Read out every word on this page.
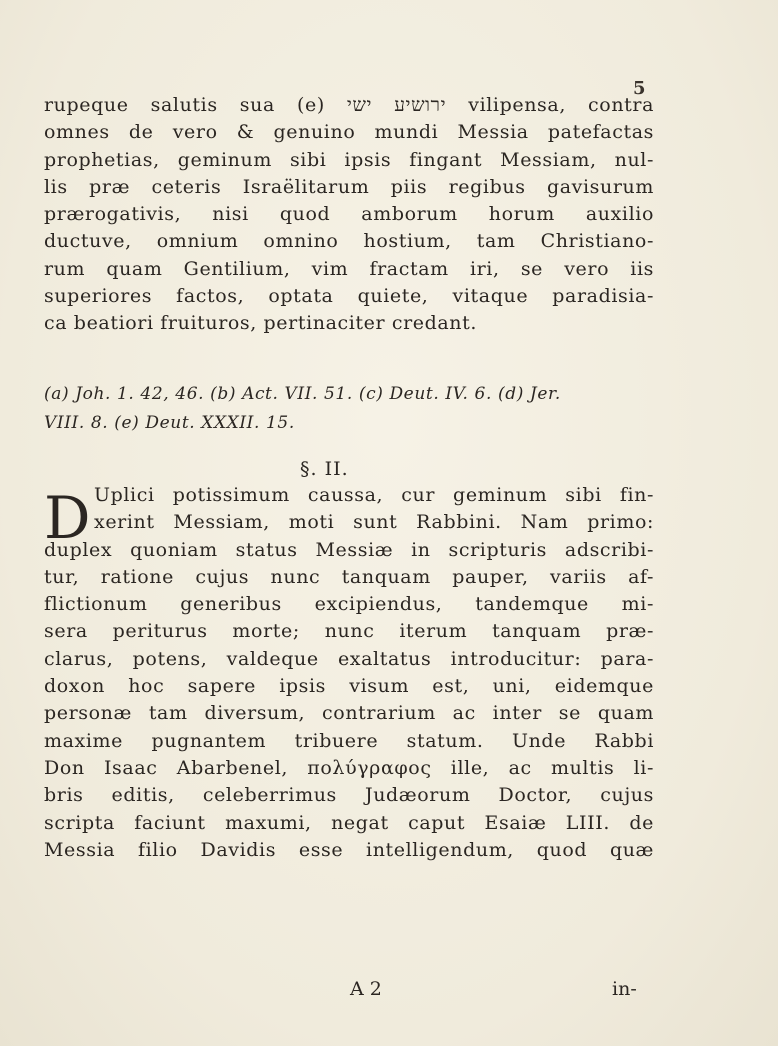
5
rupeque salutis sua (e) ירושיע ישי vilipensa, contra
omnes de vero & genuino mundi Messia patefactas
prophetias, geminum sibi ipsis fingant Messiam, nul-
lis præ ceteris Israëlitarum piis regibus gavisurum
prærogativis, nisi quod amborum horum auxilio
ductuve, omnium omnino hostium, tam Christiano-
rum quam Gentilium, vim fractam iri, se vero iis
superiores factos, optata quiete, vitaque paradisia-
ca beatiori fruituros, pertinaciter credant.
(a) Joh. 1. 42, 46. (b) Act. VII. 51. (c) Deut. IV. 6. (d) Jer.
VIII. 8. (e) Deut. XXXII. 15.
§. II.
D Uplici potissimum caussa, cur geminum sibi fin-
xerint Messiam, moti sunt Rabbini. Nam primo:
duplex quoniam status Messiæ in scripturis adscribi-
tur, ratione cujus nunc tanquam pauper, variis af-
flictionum generibus excipiendus, tandemque mi-
sera periturus morte; nunc iterum tanquam præ-
clarus, potens, valdeque exaltatus introducitur: para-
doxon hoc sapere ipsis visum est, uni, eidemque
personæ tam diversum, contrarium ac inter se quam
maxime pugnantem tribuere statum. Unde Rabbi
Don Isaac Abarbenel, πολύγραφος ille, ac multis li-
bris editis, celeberrimus Judæorum Doctor, cujus
scripta faciunt maxumi, negat caput Esaiæ LIII. de
Messia filio Davidis esse intelligendum, quod quæ
A 2	in-
